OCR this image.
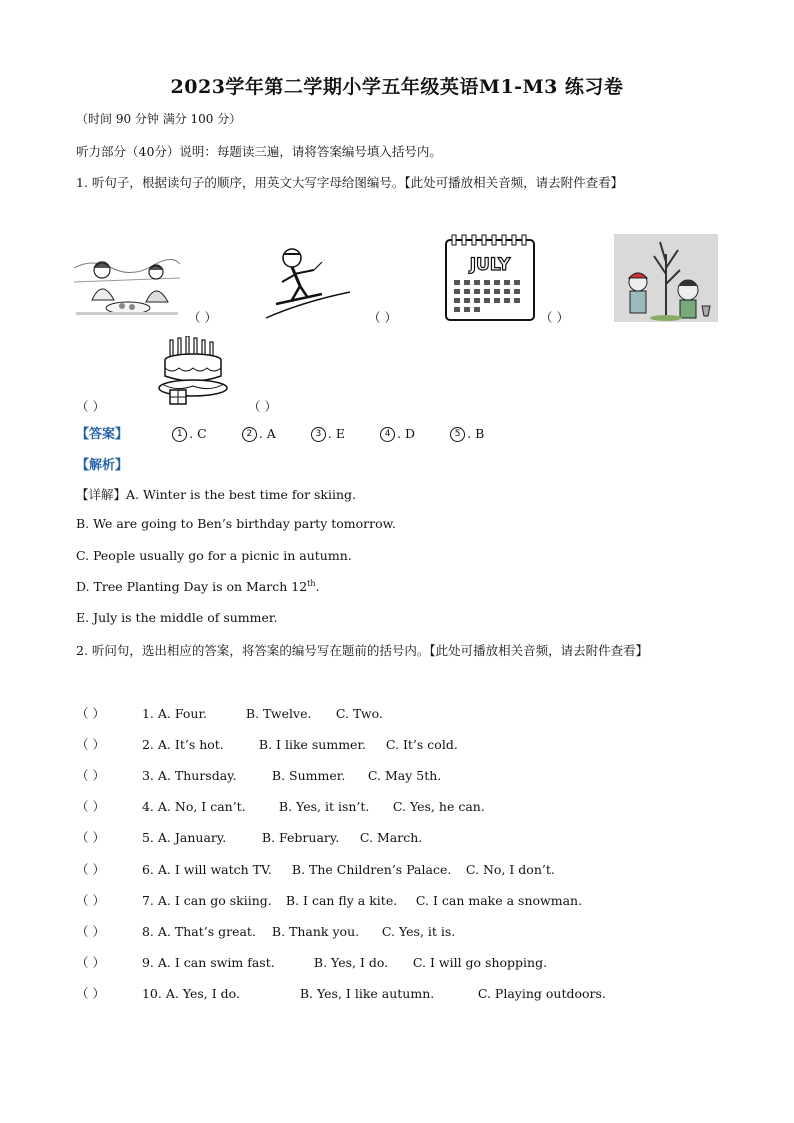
2023学年第二学期小学五年级英语M1-M3 练习卷
（时间 90 分钟 满分 100 分）
听力部分（40分）说明：每题读三遍，请将答案编号填入括号内。
1. 听句子，根据读句子的顺序，用英文大写字母给图编号。【此处可播放相关音频，请去附件查看】
（ ）	（ ）
JULY
（ ）
（ ）	（ ）
【答案】	1 . C	2 . A	3 . E	4 . D	5 . B
【解析】
【详解】A. Winter is the best time for skiing.
B. We are going to Ben’s birthday party tomorrow.
C. People usually go for a picnic in autumn.
D. Tree Planting Day is on March 12th.
E. July is the middle of summer.
2. 听问句，选出相应的答案，将答案的编号写在题前的括号内。【此处可播放相关音频，请去附件查看】
（ ）	1. A. Four.	B. Twelve. C. Two.
（ ）	2. A. It’s hot.	B. I like summer. C. It’s cold.
（ ）	3. A. Thursday.	B. Summer. C. May 5th.
（ ）	4. A. No, I can’t.	B. Yes, it isn’t. C. Yes, he can.
（ ）	5. A. January.	B. February. C. March.
（ ）	6. A. I will watch TV. B. The Children’s Palace. C. No, I don’t.
（ ）	7. A. I can go skiing. B. I can fly a kite. C. I can make a snowman.
（ ）	8. A. That’s great. B. Thank you. C. Yes, it is.
（ ）	9. A. I can swim fast.	B. Yes, I do. C. I will go shopping.
（ ）	10. A. Yes, I do.	B. Yes, I like autumn.	C. Playing outdoors.
